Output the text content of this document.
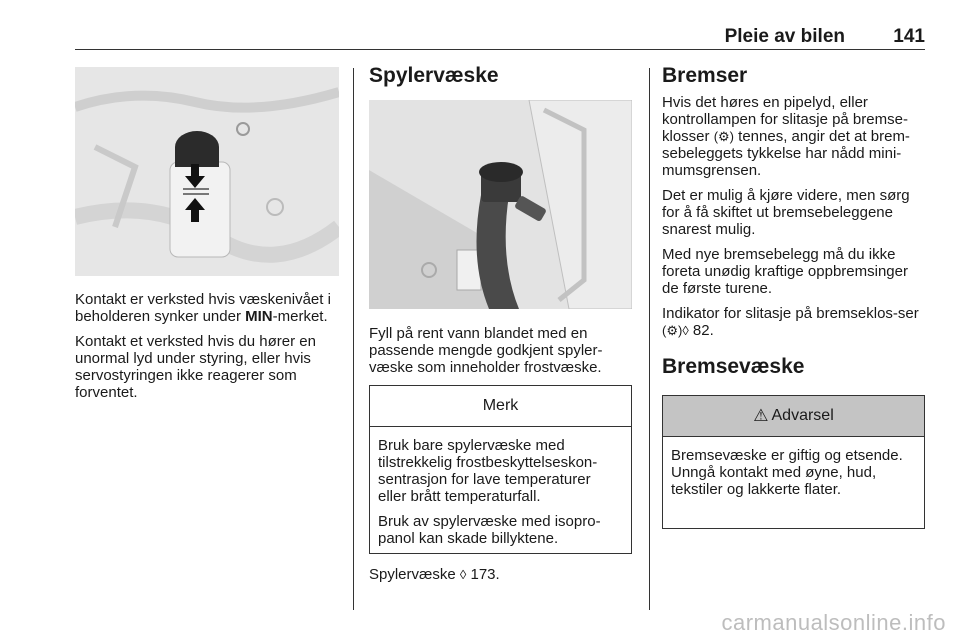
Pleie av bilen	141

Kontakt er verksted hvis væskenivået i beholderen synker under MIN-merket.

Kontakt et verksted hvis du hører en unormal lyd under styring, eller hvis servostyringen ikke reagerer som forventet.

Spylervæske

Fyll på rent vann blandet med en passende mengde godkjent spyler-væske som inneholder frostvæske.

Merk

Bruk bare spylervæske med tilstrekkelig frostbeskyttelseskon-sentrasjon for lave temperaturer eller brått temperaturfall.

Bruk av spylervæske med isopro-panol kan skade billyktene.

Spylervæske ◊ 173.

Bremser

Hvis det høres en pipelyd, eller kontrollampen for slitasje på bremse-klosser (⚙) tennes, angir det at brem-sebeleggets tykkelse har nådd mini-mumsgrensen.

Det er mulig å kjøre videre, men sørg for å få skiftet ut bremsebeleggene snarest mulig.

Med nye bremsebelegg må du ikke foreta unødig kraftige oppbremsinger de første turene.

Indikator for slitasje på bremseklos-ser (⚙)◊ 82.

Bremsevæske
⚠ Advarsel

Bremsevæske er giftig og etsende. Unngå kontakt med øyne, hud, tekstiler og lakkerte flater.

carmanualsonline.info
